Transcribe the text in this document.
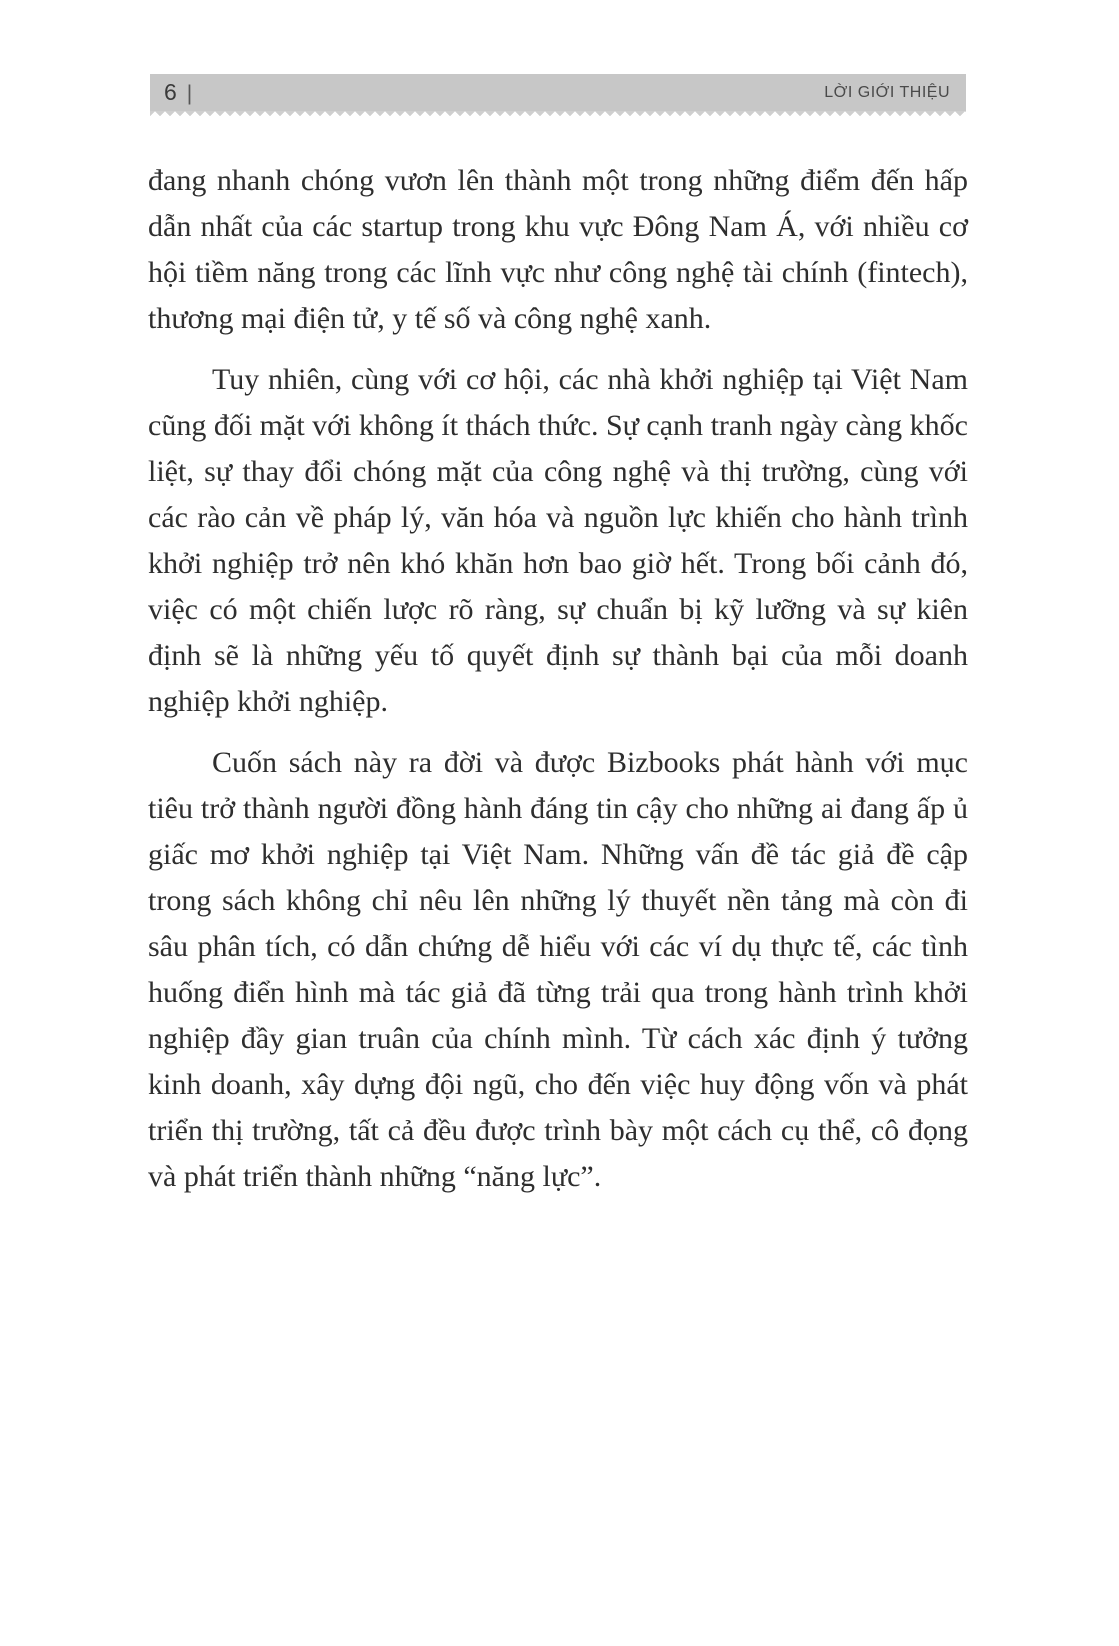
6 |	LỜI GIỚI THIỆU

đang nhanh chóng vươn lên thành một trong những điểm đến hấp dẫn nhất của các startup trong khu vực Đông Nam Á, với nhiều cơ hội tiềm năng trong các lĩnh vực như công nghệ tài chính (fintech), thương mại điện tử, y tế số và công nghệ xanh.

Tuy nhiên, cùng với cơ hội, các nhà khởi nghiệp tại Việt Nam cũng đối mặt với không ít thách thức. Sự cạnh tranh ngày càng khốc liệt, sự thay đổi chóng mặt của công nghệ và thị trường, cùng với các rào cản về pháp lý, văn hóa và nguồn lực khiến cho hành trình khởi nghiệp trở nên khó khăn hơn bao giờ hết. Trong bối cảnh đó, việc có một chiến lược rõ ràng, sự chuẩn bị kỹ lưỡng và sự kiên định sẽ là những yếu tố quyết định sự thành bại của mỗi doanh nghiệp khởi nghiệp.

Cuốn sách này ra đời và được Bizbooks phát hành với mục tiêu trở thành người đồng hành đáng tin cậy cho những ai đang ấp ủ giấc mơ khởi nghiệp tại Việt Nam. Những vấn đề tác giả đề cập trong sách không chỉ nêu lên những lý thuyết nền tảng mà còn đi sâu phân tích, có dẫn chứng dễ hiểu với các ví dụ thực tế, các tình huống điển hình mà tác giả đã từng trải qua trong hành trình khởi nghiệp đầy gian truân của chính mình. Từ cách xác định ý tưởng kinh doanh, xây dựng đội ngũ, cho đến việc huy động vốn và phát triển thị trường, tất cả đều được trình bày một cách cụ thể, cô đọng và phát triển thành những “năng lực”.
